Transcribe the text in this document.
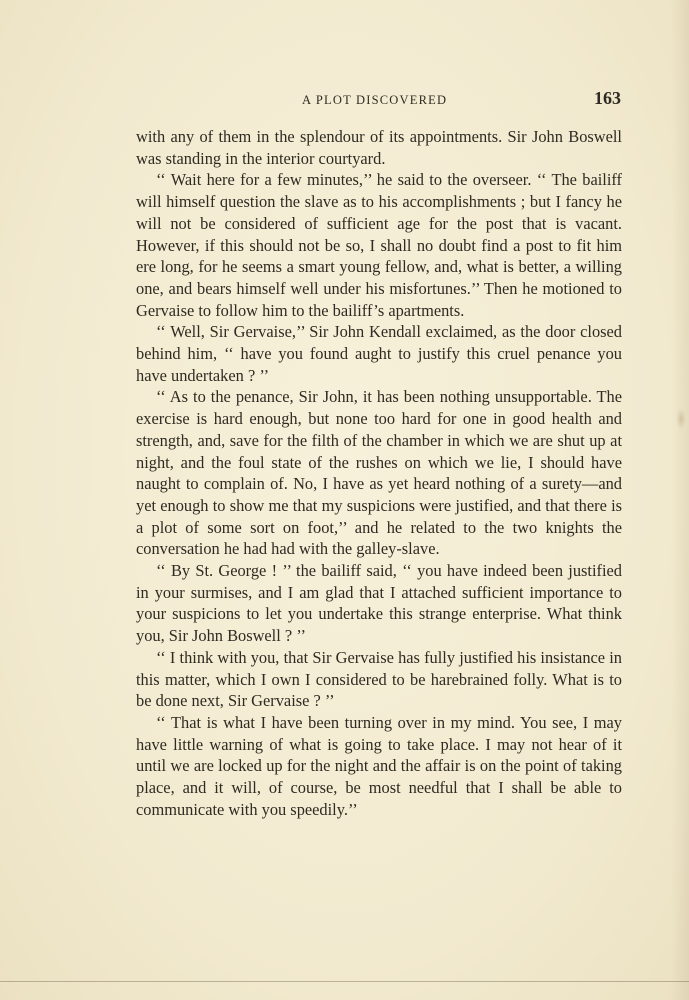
A PLOT DISCOVERED	163

with any of them in the splendour of its appointments. Sir John Boswell was standing in the interior courtyard.

‘‘ Wait here for a few minutes,’’ he said to the overseer. ‘‘ The bailiff will himself question the slave as to his accomplishments ; but I fancy he will not be considered of sufficient age for the post that is vacant. However, if this should not be so, I shall no doubt find a post to fit him ere long, for he seems a smart young fellow, and, what is better, a willing one, and bears himself well under his misfortunes.’’ Then he motioned to Gervaise to follow him to the bailiff’s apartments.

‘‘ Well, Sir Gervaise,’’ Sir John Kendall exclaimed, as the door closed behind him, ‘‘ have you found aught to justify this cruel penance you have undertaken ? ’’

‘‘ As to the penance, Sir John, it has been nothing unsupportable. The exercise is hard enough, but none too hard for one in good health and strength, and, save for the filth of the chamber in which we are shut up at night, and the foul state of the rushes on which we lie, I should have naught to complain of. No, I have as yet heard nothing of a surety—and yet enough to show me that my suspicions were justified, and that there is a plot of some sort on foot,’’ and he related to the two knights the conversation he had had with the galley-slave.

‘‘ By St. George ! ’’ the bailiff said, ‘‘ you have indeed been justified in your surmises, and I am glad that I attached sufficient importance to your suspicions to let you undertake this strange enterprise. What think you, Sir John Boswell ? ’’

‘‘ I think with you, that Sir Gervaise has fully justified his insistance in this matter, which I own I considered to be harebrained folly. What is to be done next, Sir Gervaise ? ’’

‘‘ That is what I have been turning over in my mind. You see, I may have little warning of what is going to take place. I may not hear of it until we are locked up for the night and the affair is on the point of taking place, and it will, of course, be most needful that I shall be able to communicate with you speedily.’’
